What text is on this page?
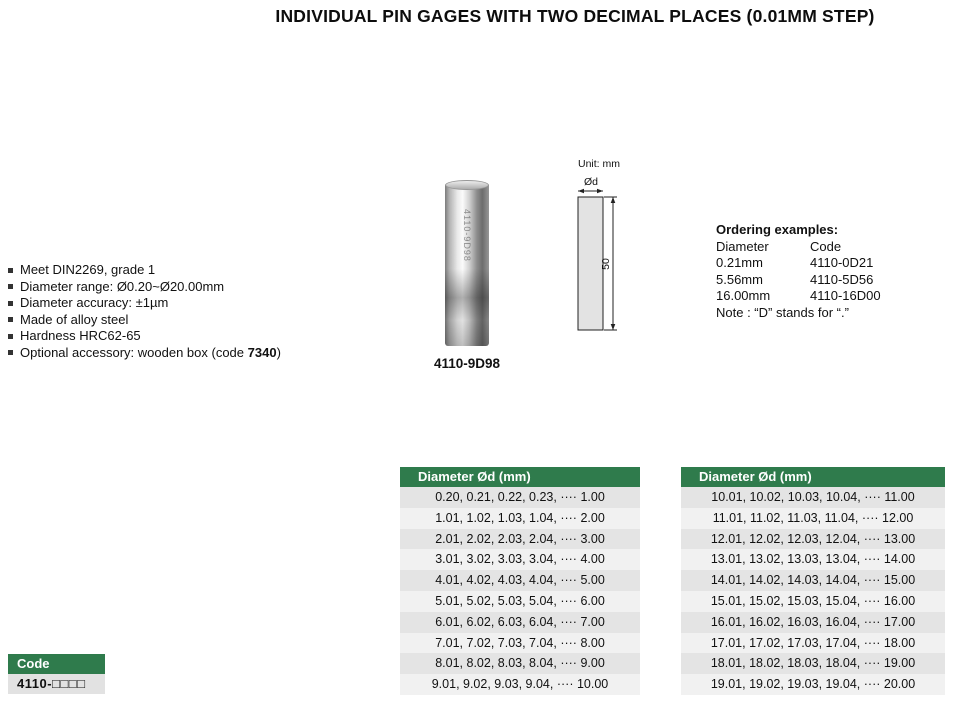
INDIVIDUAL PIN GAGES WITH TWO DECIMAL PLACES (0.01MM STEP)
Meet DIN2269, grade 1
Diameter range: Ø0.20~Ø20.00mm
Diameter accuracy: ±1µm
Made of alloy steel
Hardness HRC62-65
Optional accessory: wooden box (code 7340)
4110-9D98
4110-9D98
Unit: mm
Ød
50
Ordering examples:
Diameter	Code
0.21mm	4110-0D21
5.56mm	4110-5D56
16.00mm	4110-16D00
Note : “D” stands for “.”
Code
4110-□□□□
Diameter Ød (mm)
0.20, 0.21, 0.22, 0.23, ···· 1.00
1.01, 1.02, 1.03, 1.04, ···· 2.00
2.01, 2.02, 2.03, 2.04, ···· 3.00
3.01, 3.02, 3.03, 3.04, ···· 4.00
4.01, 4.02, 4.03, 4.04, ···· 5.00
5.01, 5.02, 5.03, 5.04, ···· 6.00
6.01, 6.02, 6.03, 6.04, ···· 7.00
7.01, 7.02, 7.03, 7.04, ···· 8.00
8.01, 8.02, 8.03, 8.04, ···· 9.00
9.01, 9.02, 9.03, 9.04, ···· 10.00
Diameter Ød (mm)
10.01, 10.02, 10.03, 10.04, ···· 11.00
11.01, 11.02, 11.03, 11.04, ···· 12.00
12.01, 12.02, 12.03, 12.04, ···· 13.00
13.01, 13.02, 13.03, 13.04, ···· 14.00
14.01, 14.02, 14.03, 14.04, ···· 15.00
15.01, 15.02, 15.03, 15.04, ···· 16.00
16.01, 16.02, 16.03, 16.04, ···· 17.00
17.01, 17.02, 17.03, 17.04, ···· 18.00
18.01, 18.02, 18.03, 18.04, ···· 19.00
19.01, 19.02, 19.03, 19.04, ···· 20.00
